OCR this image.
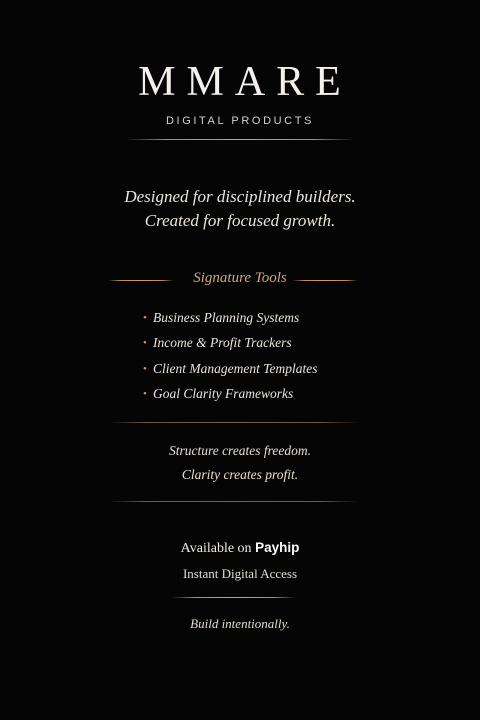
MMARE
DIGITAL PRODUCTS
Designed for disciplined builders.
Created for focused growth.
Signature Tools
• Business Planning Systems
• Income & Profit Trackers
• Client Management Templates
• Goal Clarity Frameworks
Structure creates freedom.
Clarity creates profit.
Available on Payhip
Instant Digital Access
Build intentionally.
